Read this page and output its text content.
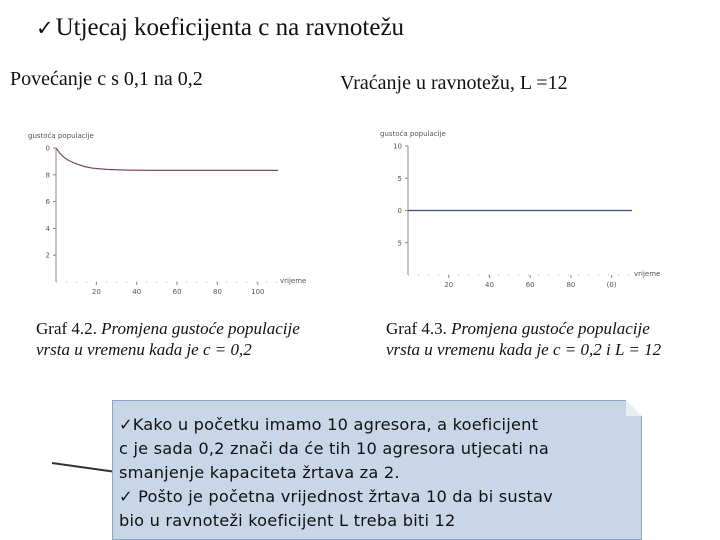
✓Utjecaj koeficijenta c na ravnotežu
Povećanje c s 0,1 na 0,2	Vraćanje u ravnotežu, L =12
gustoća populacije
0
8
6
4
2
20	40	60	80	100
vrijeme
gustoća populacije
10
5
0
5
20	40	60	80	(0)
vrijeme
Graf 4.2. Promjena gustoće populacije
vrsta u vremenu kada je c = 0,2
Graf 4.3. Promjena gustoće populacije
vrsta u vremenu kada je c = 0,2 i L = 12

✓Kako u početku imamo 10 agresora, a koeficijent

c je sada 0,2 znači da će tih 10 agresora utjecati na

smanjenje kapaciteta žrtava za 2.

✓ Pošto je početna vrijednost žrtava 10 da bi sustav

bio u ravnoteži koeficijent L treba biti 12
